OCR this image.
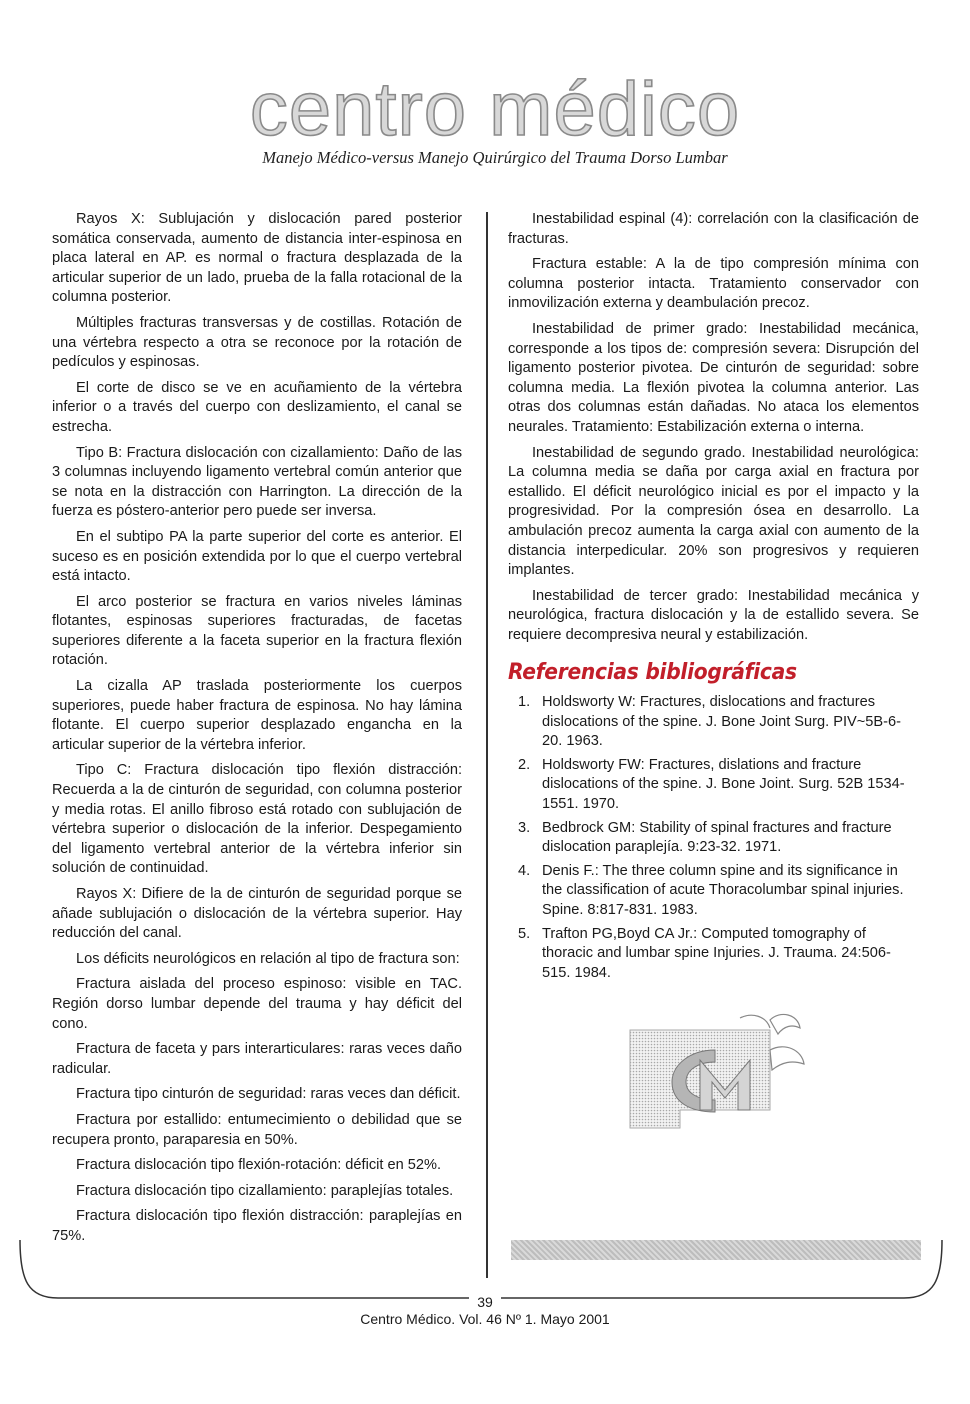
centro médico
Manejo Médico-versus Manejo Quirúrgico del Trauma Dorso Lumbar

Rayos X: Sublujación y dislocación pared posterior somática conservada, aumento de distancia inter-espinosa en placa lateral en AP. es normal o fractura desplazada de la articular superior de un lado, prueba de la falla rotacional de la columna posterior.

Múltiples fracturas transversas y de costillas. Rotación de una vértebra respecto a otra se reconoce por la rotación de pedículos y espinosas.

El corte de disco se ve en acuñamiento de la vértebra inferior o a través del cuerpo con deslizamiento, el canal se estrecha.

Tipo B: Fractura dislocación con cizallamiento: Daño de las 3 columnas incluyendo ligamento vertebral común anterior que se nota en la distracción con Harrington. La dirección de la fuerza es póstero-anterior pero puede ser inversa.

En el subtipo PA la parte superior del corte es anterior. El suceso es en posición extendida por lo que el cuerpo vertebral está intacto.

El arco posterior se fractura en varios niveles láminas flotantes, espinosas superiores fracturadas, de facetas superiores diferente a la faceta superior en la fractura flexión rotación.

La cizalla AP traslada posteriormente los cuerpos superiores, puede haber fractura de espinosa. No hay lámina flotante. El cuerpo superior desplazado engancha en la articular superior de la vértebra inferior.

Tipo C: Fractura dislocación tipo flexión distracción: Recuerda a la de cinturón de seguridad, con columna posterior y media rotas. El anillo fibroso está rotado con sublujación de vértebra superior o dislocación de la inferior. Despegamiento del ligamento vertebral anterior de la vértebra inferior sin solución de continuidad.

Rayos X: Difiere de la de cinturón de seguridad porque se añade sublujación o dislocación de la vértebra superior. Hay reducción del canal.

Los déficits neurológicos en relación al tipo de fractura son:

Fractura aislada del proceso espinoso: visible en TAC. Región dorso lumbar depende del trauma y hay déficit del cono.

Fractura de faceta y pars interarticulares: raras veces daño radicular.

Fractura tipo cinturón de seguridad: raras veces dan déficit.

Fractura por estallido: entumecimiento o debilidad que se recupera pronto, paraparesia en 50%.

Fractura dislocación tipo flexión-rotación: déficit en 52%.

Fractura dislocación tipo cizallamiento: paraplejías totales.

Fractura dislocación tipo flexión distracción: paraplejías en 75%.

Inestabilidad espinal (4): correlación con la clasificación de fracturas.

Fractura estable: A la de tipo compresión mínima con columna posterior intacta. Tratamiento conservador con inmovilización externa y deambulación precoz.

Inestabilidad de primer grado: Inestabilidad mecánica, corresponde a los tipos de: compresión severa: Disrupción del ligamento posterior pivotea. De cinturón de seguridad: sobre columna media. La flexión pivotea la columna anterior. Las otras dos columnas están dañadas. No ataca los elementos neurales. Tratamiento: Estabilización externa o interna.

Inestabilidad de segundo grado. Inestabilidad neurológica: La columna media se daña por carga axial en fractura por estallido. El déficit neurológico inicial es por el impacto y la progresividad. Por la compresión ósea en desarrollo. La ambulación precoz aumenta la carga axial con aumento de la distancia interpedicular. 20% son progresivos y requieren implantes.

Inestabilidad de tercer grado: Inestabilidad mecánica y neurológica, fractura dislocación y la de estallido severa. Se requiere decompresiva neural y estabilización.

Referencias bibliográficas
1. Holdsworty W: Fractures, dislocations and fractures dislocations of the spine. J. Bone Joint Surg. PIV~5B-6-20. 1963.
2. Holdsworty FW: Fractures, dislations and fracture dislocations of the spine. J. Bone Joint. Surg. 52B 1534-1551. 1970.
3. Bedbrock GM: Stability of spinal fractures and fracture dislocation paraplejía. 9:23-32. 1971.
4. Denis F.: The three column spine and its significance in the classification of acute Thoracolumbar spinal injuries. Spine. 8:817-831. 1983.
5. Trafton PG,Boyd CA Jr.: Computed tomography of thoracic and lumbar spine Injuries. J. Trauma. 24:506-515. 1984.
39
Centro Médico. Vol. 46 Nº 1. Mayo 2001
